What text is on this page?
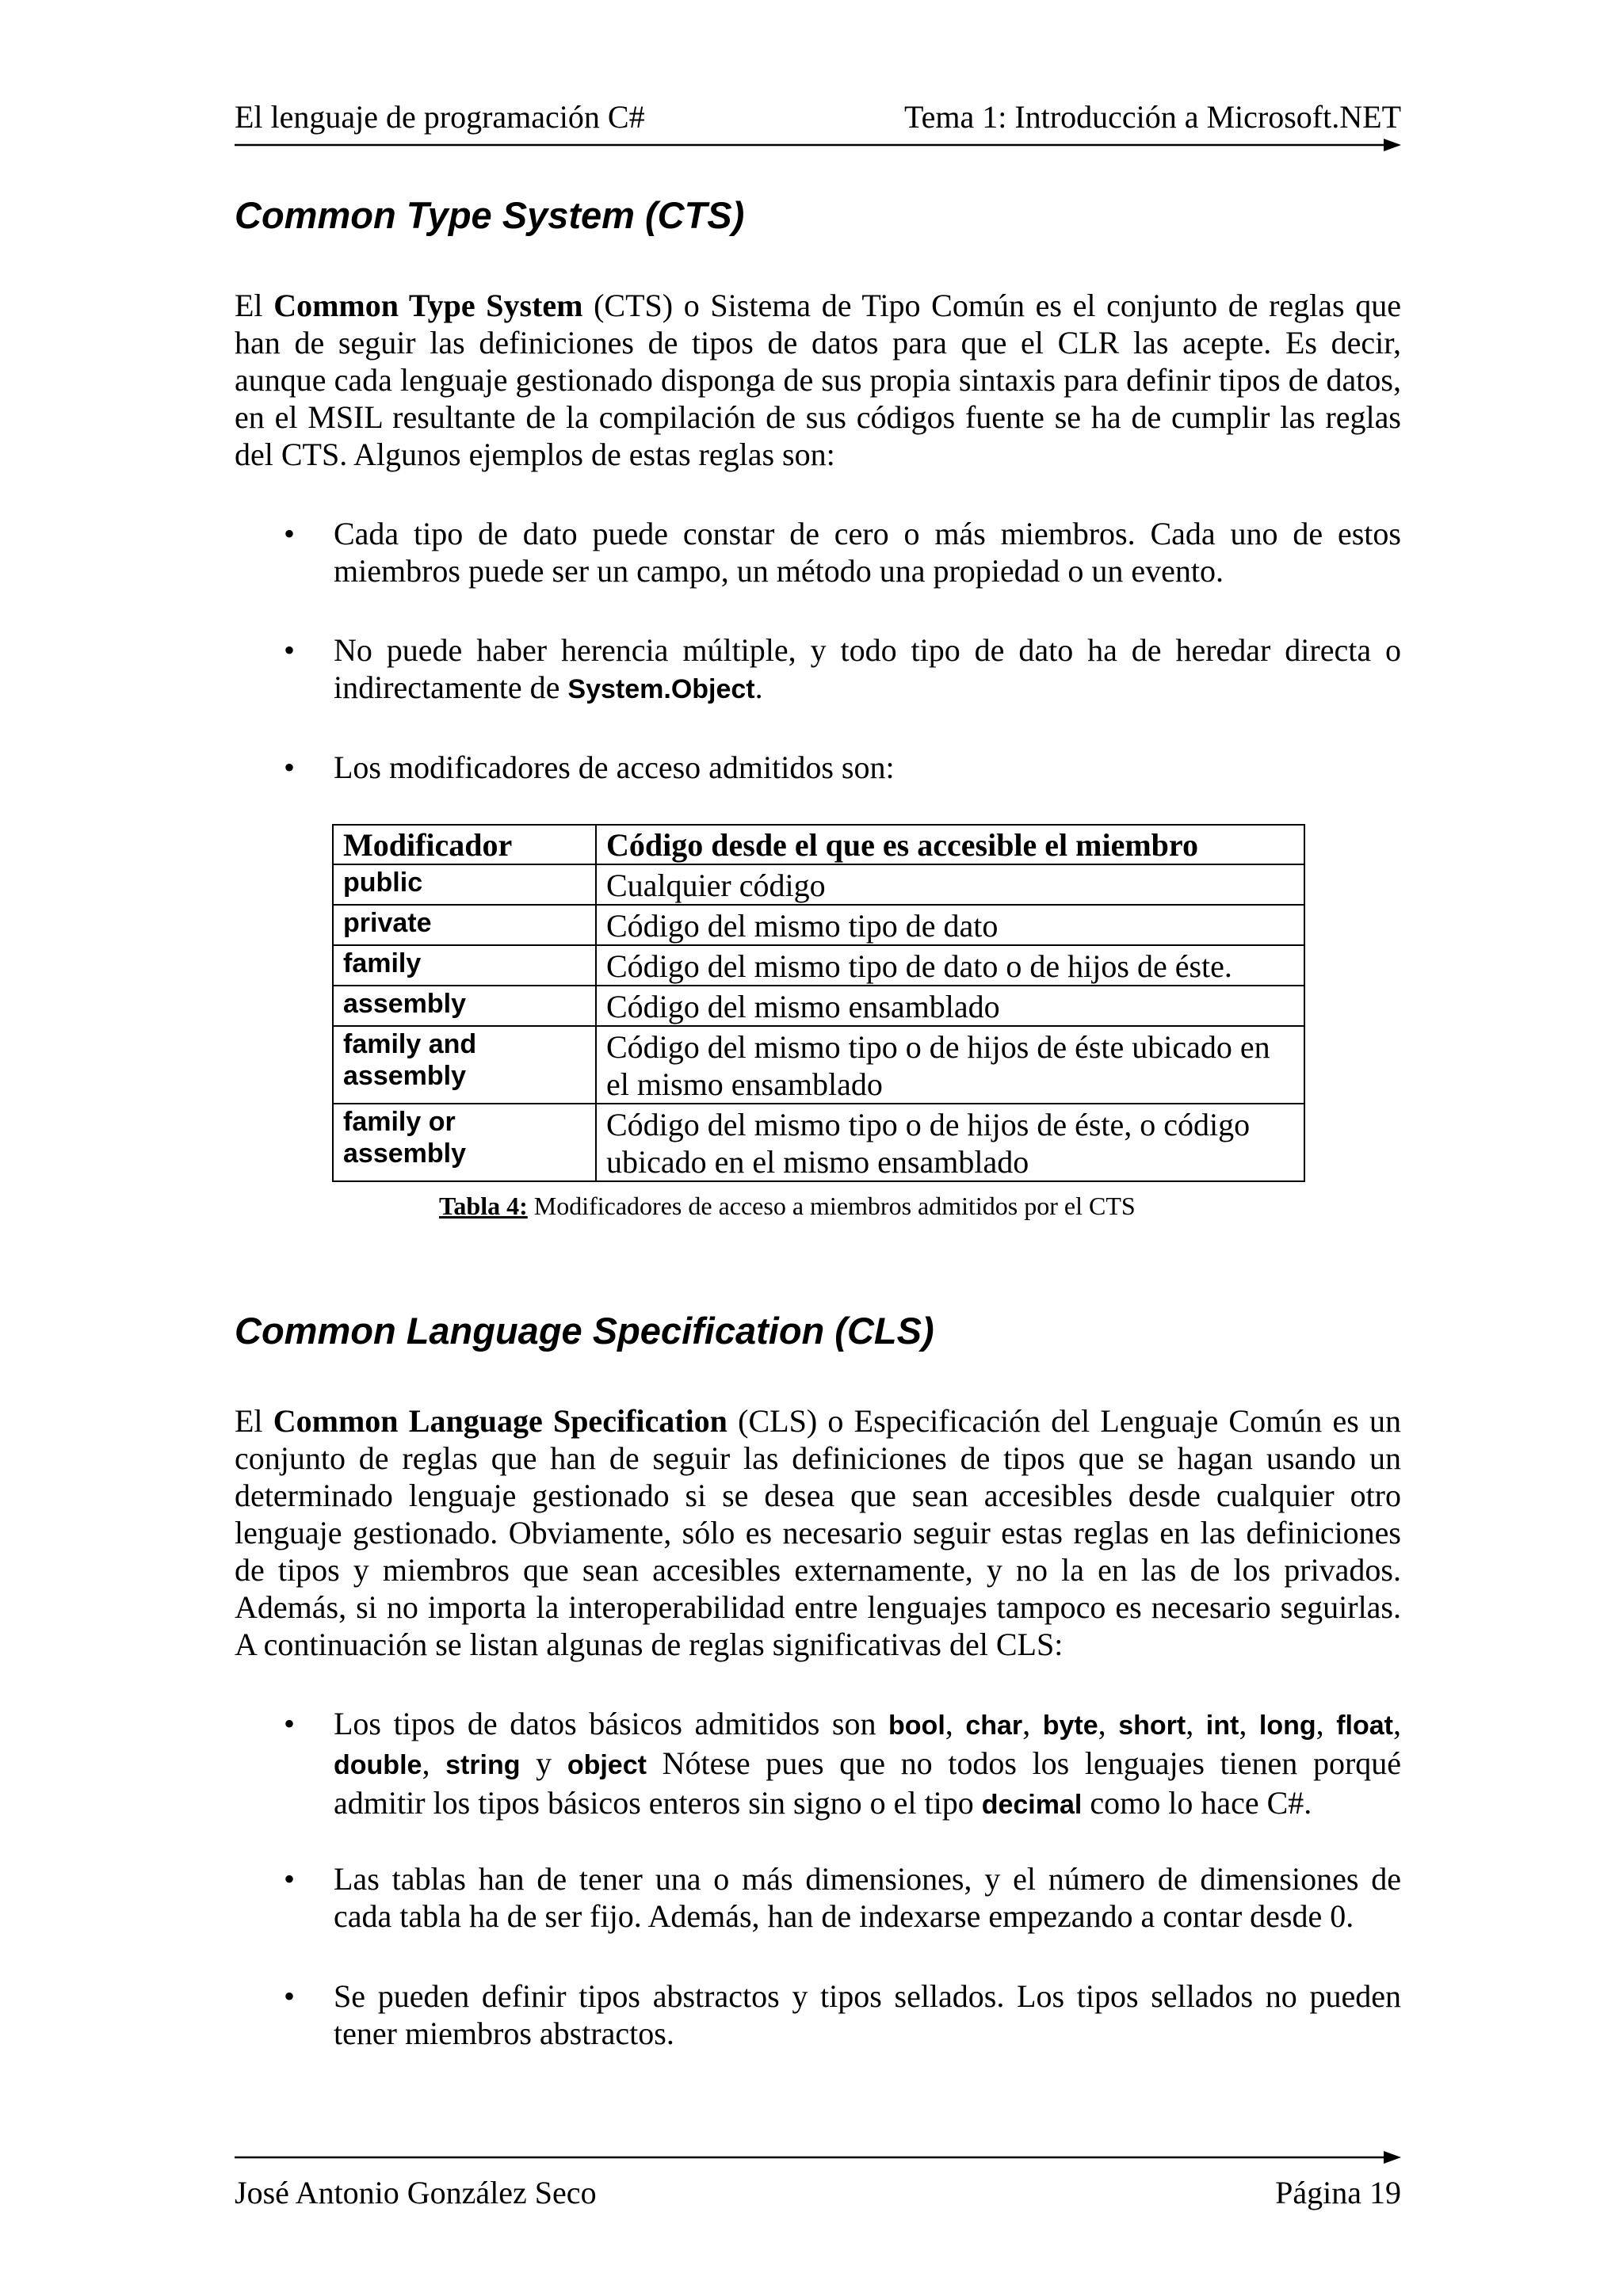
El lenguaje de programación C#	Tema 1: Introducción a Microsoft.NET
Common Type System (CTS)

El Common Type System (CTS) o Sistema de Tipo Común es el conjunto de reglas que han de seguir las definiciones de tipos de datos para que el CLR las acepte. Es decir, aunque cada lenguaje gestionado disponga de sus propia sintaxis para definir tipos de datos, en el MSIL resultante de la compilación de sus códigos fuente se ha de cumplir las reglas del CTS. Algunos ejemplos de estas reglas son:

• Cada tipo de dato puede constar de cero o más miembros. Cada uno de estos miembros puede ser un campo, un método una propiedad o un evento.

• No puede haber herencia múltiple, y todo tipo de dato ha de heredar directa o indirectamente de System.Object.

• Los modificadores de acceso admitidos son:

Modificador	Código desde el que es accesible el miembro
public	Cualquier código
private	Código del mismo tipo de dato
family	Código del mismo tipo de dato o de hijos de éste.
assembly	Código del mismo ensamblado
family and assembly	Código del mismo tipo o de hijos de éste ubicado en el mismo ensamblado
family or assembly	Código del mismo tipo o de hijos de éste, o código ubicado en el mismo ensamblado
Tabla 4: Modificadores de acceso a miembros admitidos por el CTS
Common Language Specification (CLS)

El Common Language Specification (CLS) o Especificación del Lenguaje Común es un conjunto de reglas que han de seguir las definiciones de tipos que se hagan usando un determinado lenguaje gestionado si se desea que sean accesibles desde cualquier otro lenguaje gestionado. Obviamente, sólo es necesario seguir estas reglas en las definiciones de tipos y miembros que sean accesibles externamente, y no la en las de los privados. Además, si no importa la interoperabilidad entre lenguajes tampoco es necesario seguirlas. A continuación se listan algunas de reglas significativas del CLS:

• Los tipos de datos básicos admitidos son bool, char, byte, short, int, long, float, double, string y object Nótese pues que no todos los lenguajes tienen porqué admitir los tipos básicos enteros sin signo o el tipo decimal como lo hace C#.

• Las tablas han de tener una o más dimensiones, y el número de dimensiones de cada tabla ha de ser fijo. Además, han de indexarse empezando a contar desde 0.

• Se pueden definir tipos abstractos y tipos sellados. Los tipos sellados no pueden tener miembros abstractos.

José Antonio González Seco	Página 19
